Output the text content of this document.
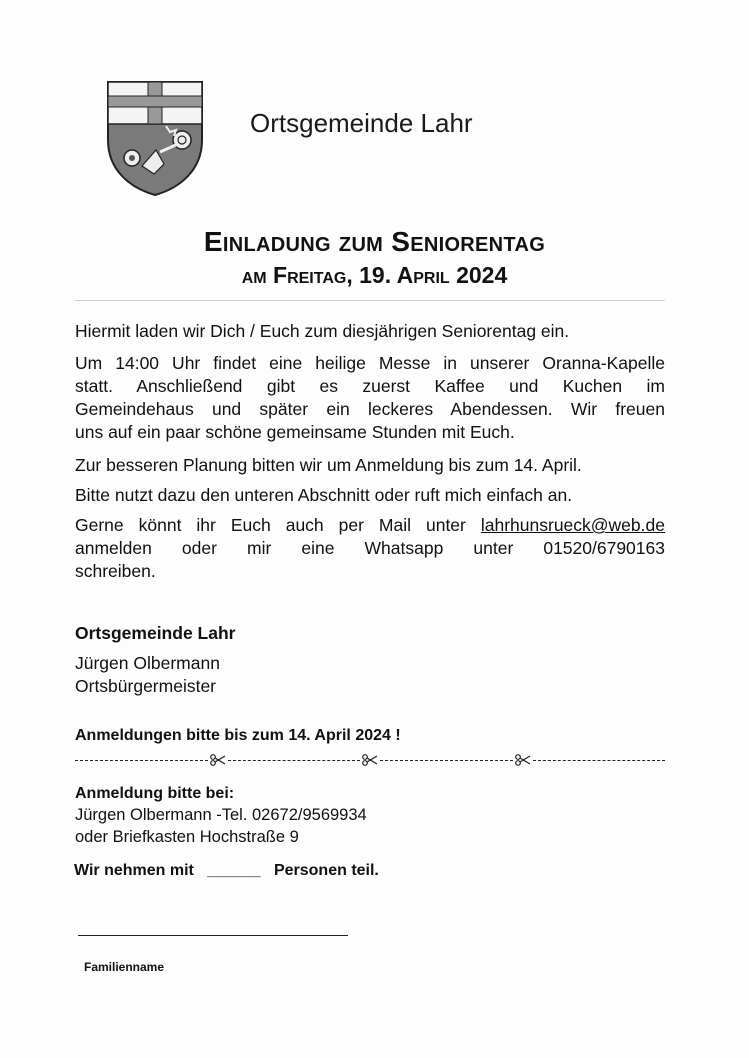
Ortsgemeinde Lahr
Einladung zum Seniorentag
am Freitag, 19. April 2024
Hiermit laden wir Dich / Euch zum diesjährigen Seniorentag ein.
Um 14:00 Uhr findet eine heilige Messe in unserer Oranna-Kapelle
statt. Anschließend gibt es zuerst Kaffee und Kuchen im
Gemeindehaus und später ein leckeres Abendessen. Wir freuen
uns auf ein paar schöne gemeinsame Stunden mit Euch.
Zur besseren Planung bitten wir um Anmeldung bis zum 14. April.
Bitte nutzt dazu den unteren Abschnitt oder ruft mich einfach an.
Gerne könnt ihr Euch auch per Mail unter lahrhunsrueck@web.de
anmelden oder mir eine Whatsapp unter 01520/6790163
schreiben.
Ortsgemeinde Lahr
Jürgen Olbermann
Ortsbürgermeister
Anmeldungen bitte bis zum 14. April 2024 !
Anmeldung bitte bei:
Jürgen Olbermann -Tel. 02672/9569934
oder Briefkasten Hochstraße 9
Wir nehmen mit ______ Personen teil.
Familienname
